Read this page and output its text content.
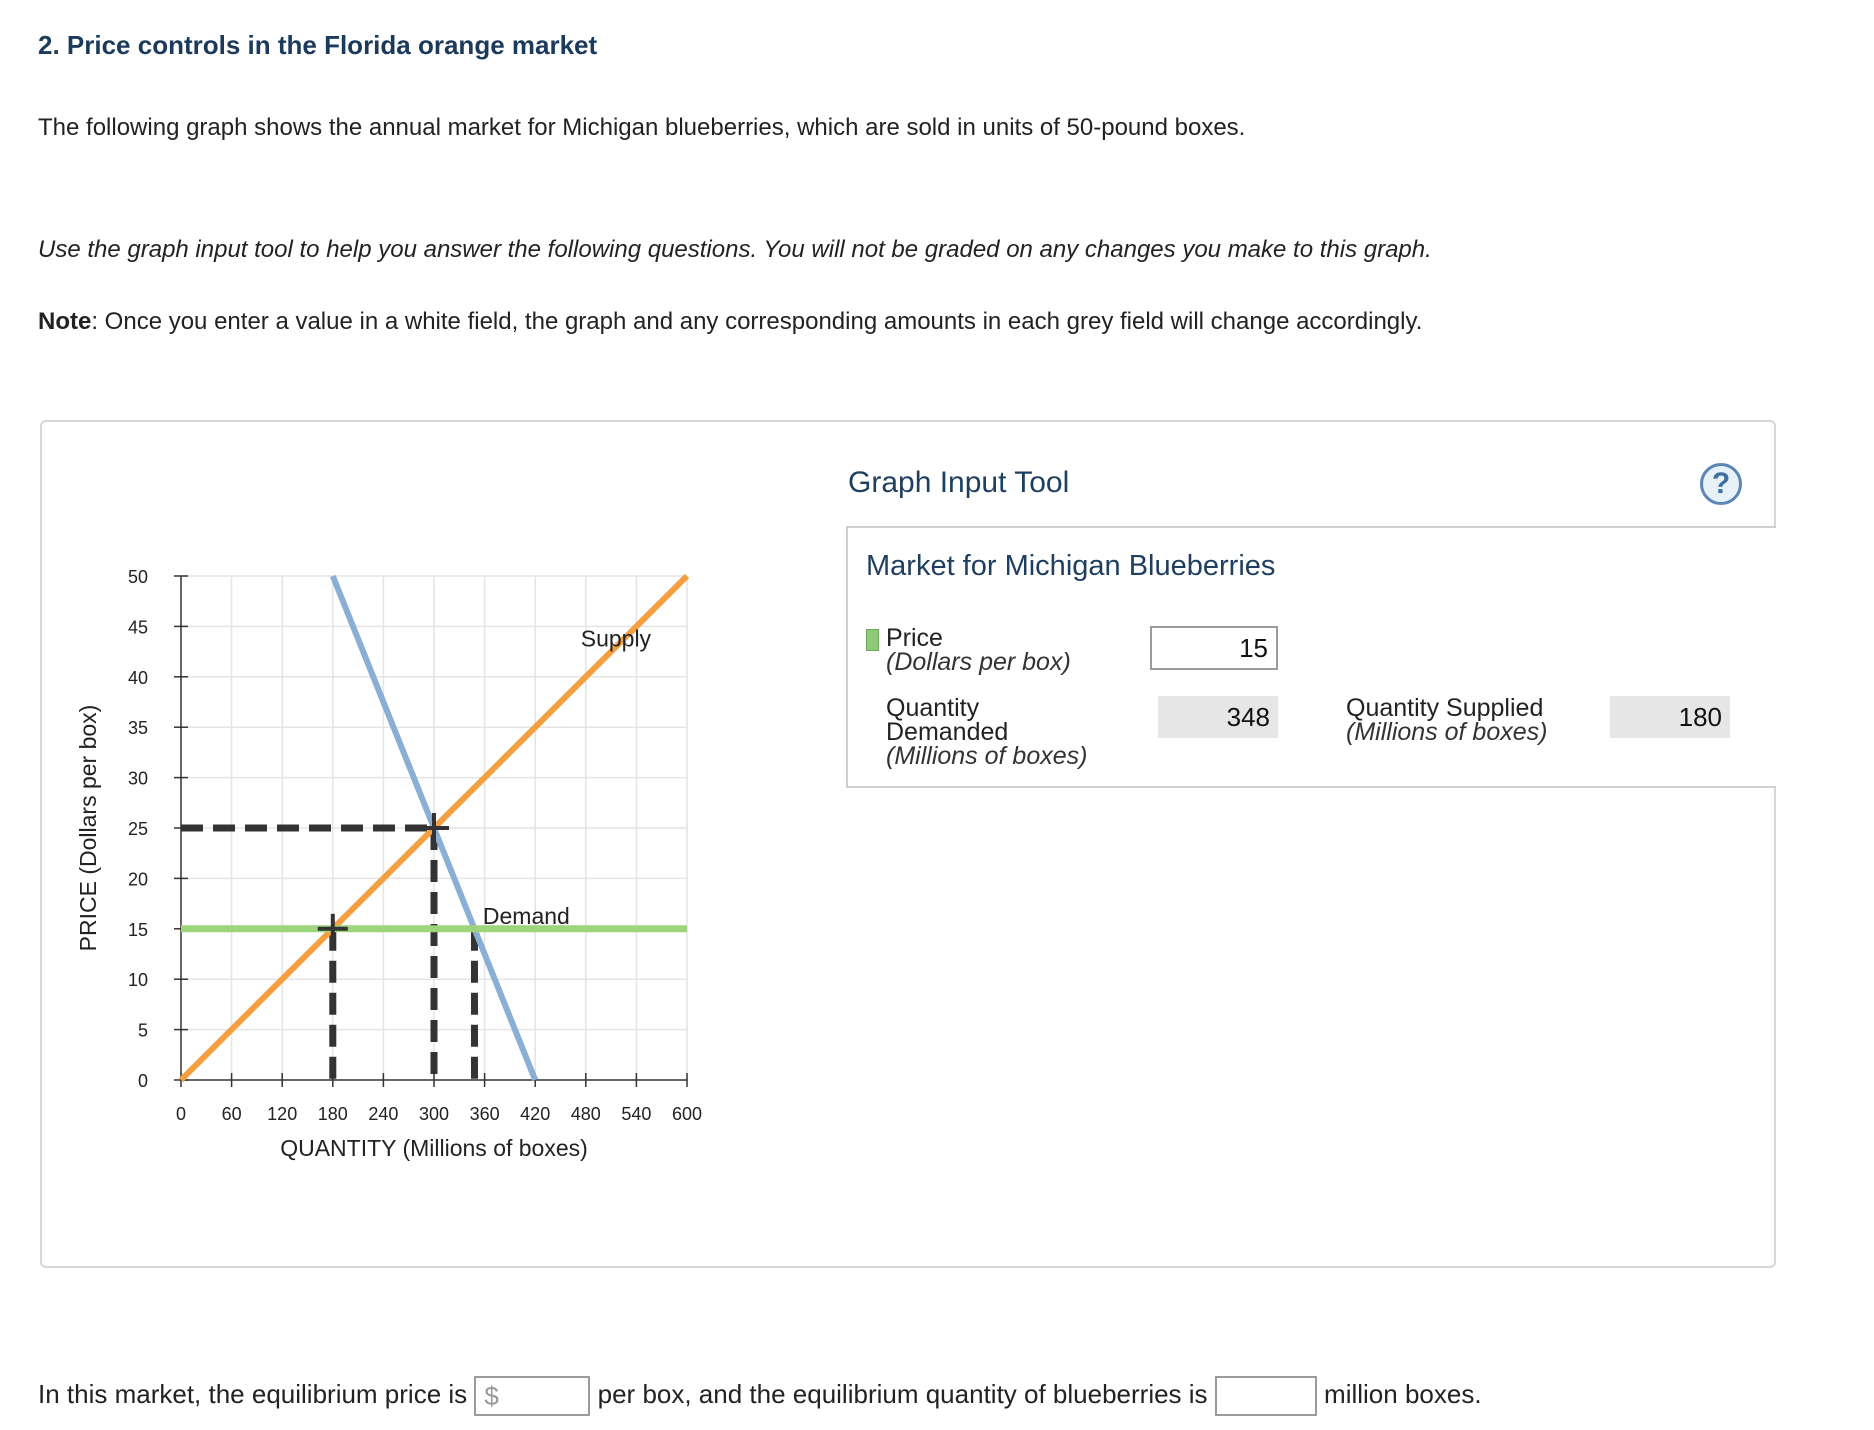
2. Price controls in the Florida orange market
The following graph shows the annual market for Michigan blueberries, which are sold in units of 50-pound boxes.
Use the graph input tool to help you answer the following questions. You will not be graded on any changes you make to this graph.
Note: Once you enter a value in a white field, the graph and any corresponding amounts in each grey field will change accordingly.
0
5
10
15
20
25
30
35
40
45
50
0 60 120 180 240 300 360 420 480 540 600
QUANTITY (Millions of boxes)
PRICE (Dollars per box)
Supply
Demand
Graph Input Tool	?
Market for Michigan Blueberries
Price
(Dollars per box)
15
Quantity
Demanded
(Millions of boxes)
348	Quantity Supplied
(Millions of boxes)	180
In this market, the equilibrium price is $	per box, and the equilibrium quantity of blueberries is	million boxes.
